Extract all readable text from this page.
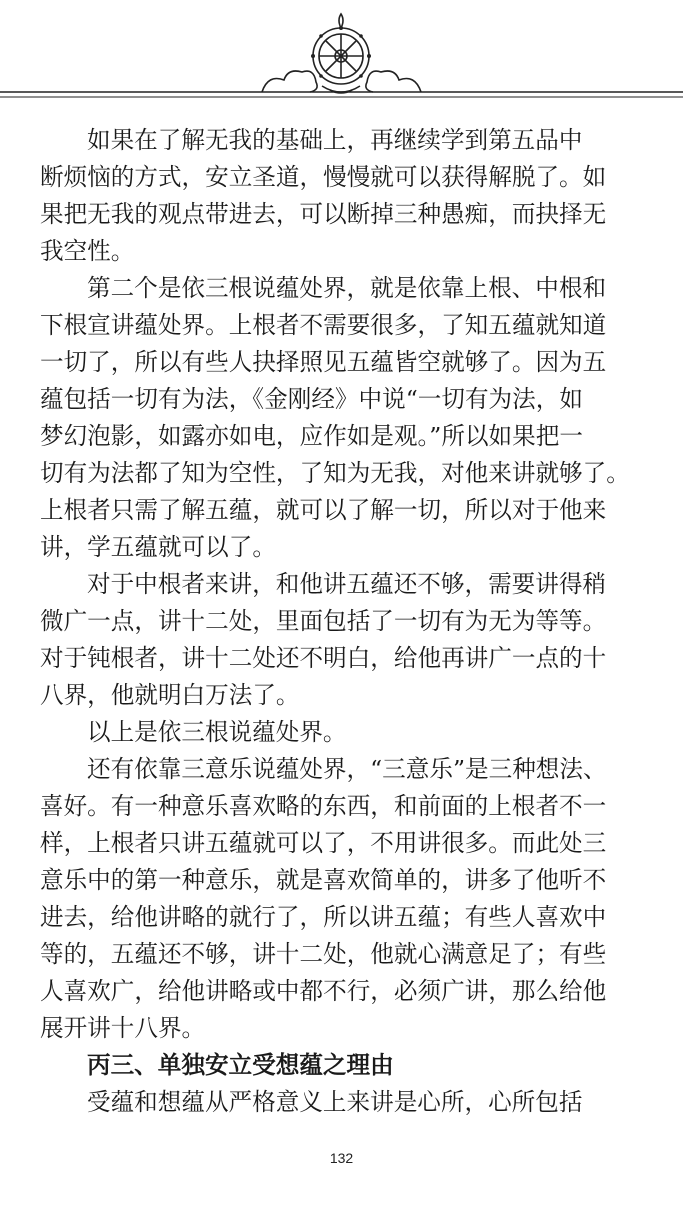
如果在了解无我的基础上，再继续学到第五品中
断烦恼的方式，安立圣道，慢慢就可以获得解脱了。如
果把无我的观点带进去，可以断掉三种愚痴，而抉择无
我空性。
第二个是依三根说蕴处界，就是依靠上根、中根和
下根宣讲蕴处界。上根者不需要很多，了知五蕴就知道
一切了，所以有些人抉择照见五蕴皆空就够了。因为五
蕴包括一切有为法，《金刚经》中说“一切有为法，如
梦幻泡影，如露亦如电，应作如是观。”所以如果把一
切有为法都了知为空性，了知为无我，对他来讲就够了。
上根者只需了解五蕴，就可以了解一切，所以对于他来
讲，学五蕴就可以了。
对于中根者来讲，和他讲五蕴还不够，需要讲得稍
微广一点，讲十二处，里面包括了一切有为无为等等。
对于钝根者，讲十二处还不明白，给他再讲广一点的十
八界，他就明白万法了。
以上是依三根说蕴处界。
还有依靠三意乐说蕴处界，“三意乐”是三种想法、
喜好。有一种意乐喜欢略的东西，和前面的上根者不一
样，上根者只讲五蕴就可以了，不用讲很多。而此处三
意乐中的第一种意乐，就是喜欢简单的，讲多了他听不
进去，给他讲略的就行了，所以讲五蕴；有些人喜欢中
等的，五蕴还不够，讲十二处，他就心满意足了；有些
人喜欢广，给他讲略或中都不行，必须广讲，那么给他
展开讲十八界。
丙三、单独安立受想蕴之理由
受蕴和想蕴从严格意义上来讲是心所，心所包括
132
